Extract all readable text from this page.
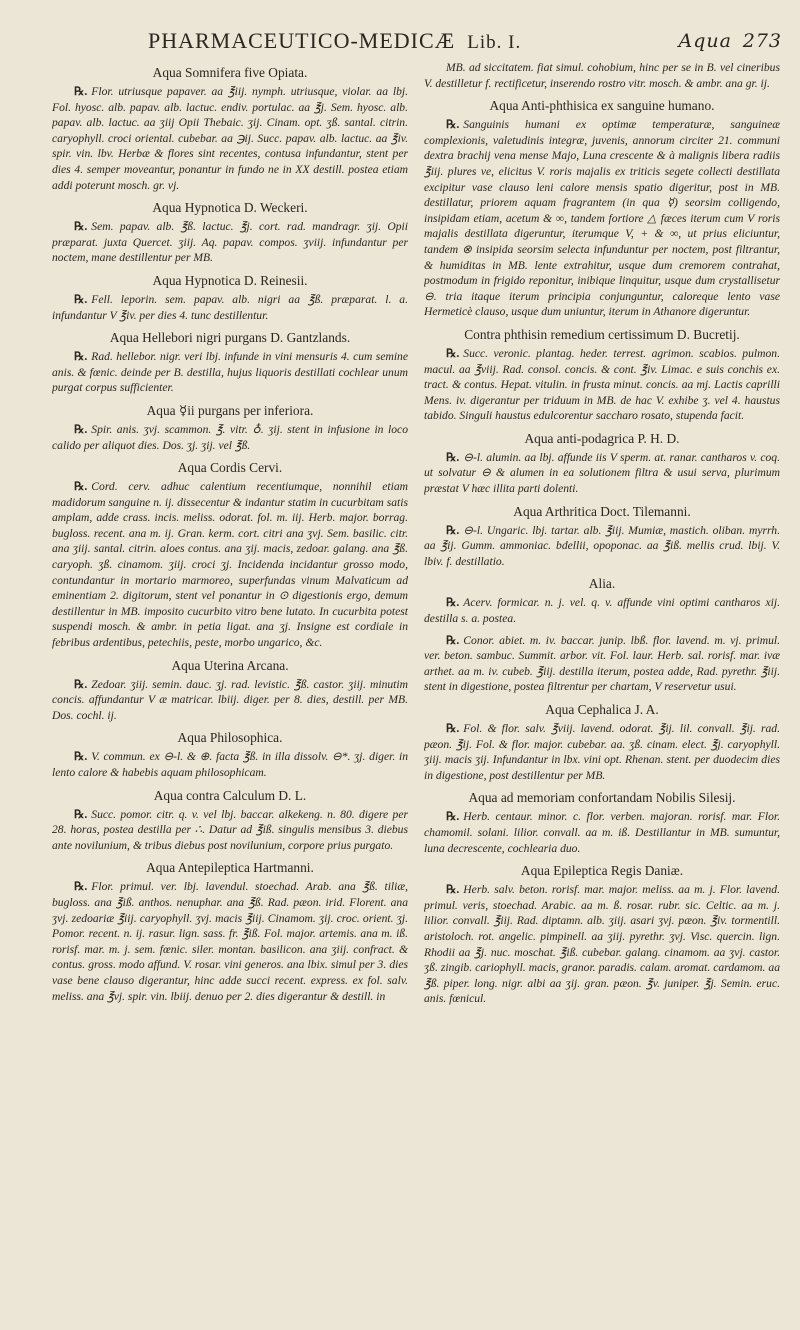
PHARMACEUTICO-MEDICÆ Lib. I.	Aqua 273
Aqua Somnifera five Opiata.

℞. Flor. utriusque papaver. aa ℥iij. nymph. utriusque, violar. aa lbj. Fol. hyosc. alb. papav. alb. lactuc. endiv. portulac. aa ℥j. Sem. hyosc. alb. papav. alb. lactuc. aa ʒiij Opii Thebaic. ʒij. Cinam. opt. ʒß. santal. citrin. caryophyll. croci oriental. cubebar. aa ℈ij. Succ. papav. alb. lactuc. aa ℥iv. spir. vin. lbv. Herbæ & flores sint recentes, contusa infundantur, stent per dies 4. semper moveantur, ponantur in fundo ne in XX destill. postea etiam addi poterunt mosch. gr. vj.

Aqua Hypnotica D. Weckeri.

℞. Sem. papav. alb. ℥ß. lactuc. ℥j. cort. rad. mandragr. ʒij. Opii præparat. juxta Quercet. ʒiij. Aq. papav. compos. ʒviij. infundantur per noctem, mane destillentur per MB.

Aqua Hypnotica D. Reinesii.

℞. Fell. leporin. sem. papav. alb. nigri aa ℥ß. præparat. l. a. infundantur V ℥iv. per dies 4. tunc destillentur.

Aqua Hellebori nigri purgans D. Gantzlands.

℞. Rad. hellebor. nigr. veri lbj. infunde in vini mensuris 4. cum semine anis. & fœnic. deinde per B. destilla, hujus liquoris destillati cochlear unum purgat corpus sufficienter.

Aqua ☿ii purgans per inferiora.

℞. Spir. anis. ʒvj. scammon. ℥. vitr. ♁. ʒij. stent in infusione in loco calido per aliquot dies. Dos. ʒj. ʒij. vel ℥ß.

Aqua Cordis Cervi.

℞. Cord. cerv. adhuc calentium recentiumque, nonnihil etiam madidorum sanguine n. ij. dissecentur & indantur statim in cucurbitam satis amplam, adde crass. incis. meliss. odorat. fol. m. iij. Herb. major. borrag. bugloss. recent. ana m. ij. Gran. kerm. cort. citri ana ʒvj. Sem. basilic. citr. ana ʒiij. santal. citrin. aloes contus. ana ʒij. macis, zedoar. galang. ana ℥ß. caryoph. ʒß. cinamom. ʒiij. croci ʒj. Incidenda incidantur grosso modo, contundantur in mortario marmoreo, superfundas vinum Malvaticum ad eminentiam 2. digitorum, stent vel ponantur in ⊙ digestionis ergo, demum destillentur in MB. imposito cucurbito vitro bene lutato. In cucurbita potest suspendi mosch. & ambr. in petia ligat. ana ʒj. Insigne est cordiale in febribus ardentibus, petechiis, peste, morbo ungarico, &c.

Aqua Uterina Arcana.

℞. Zedoar. ʒiij. semin. dauc. ʒj. rad. levistic. ℥ß. castor. ʒiij. minutim concis. affundantur V æ matricar. lbiij. diger. per 8. dies, destill. per MB. Dos. cochl. ij.

Aqua Philosophica.

℞. V. commun. ex ⊖-l. & ⊕. facta ℥ß. in illa dissolv. ⊖*. ʒj. diger. in lento calore & habebis aquam philosophicam.

Aqua contra Calculum D. L.

℞. Succ. pomor. citr. q. v. vel lbj. baccar. alkekeng. n. 80. digere per 28. horas, postea destilla per ∴. Datur ad ℥iß. singulis mensibus 3. diebus ante novilunium, & tribus diebus post novilunium, corpore prius purgato.

Aqua Antepileptica Hartmanni.

℞. Flor. primul. ver. lbj. lavendul. stoechad. Arab. ana ℥ß. tiliæ, bugloss. ana ℥iß. anthos. nenuphar. ana ℥ß. Rad. pæon. irid. Florent. ana ʒvj. zedoariæ ℥iij. caryophyll. ʒvj. macis ℥iij. Cinamom. ʒij. croc. orient. ʒj. Pomor. recent. n. ij. rasur. lign. sass. fr. ℥iß. Fol. major. artemis. ana m. iß. rorisf. mar. m. j. sem. fœnic. siler. montan. basilicon. ana ʒiij. confract. & contus. gross. modo affund. V. rosar. vini generos. ana lbix. simul per 3. dies vase bene clauso digerantur, hinc adde succi recent. express. ex fol. salv. meliss. ana ℥vj. spir. vin. lbiij. denuo per 2. dies digerantur & destill. in

MB. ad siccitatem. fiat simul. cohobium, hinc per se in B. vel cineribus V. destilletur f. rectificetur, inserendo rostro vitr. mosch. & ambr. ana gr. ij.

Aqua Anti-phthisica ex sanguine humano.

℞. Sanguinis humani ex optimæ temperaturæ, sanguineæ complexionis, valetudinis integræ, juvenis, annorum circiter 21. communi dextra brachij vena mense Majo, Luna crescente & à malignis libera radiis ℥iij. plures ve, elicitus V. roris majalis ex triticis segete collecti destillata excipitur vase clauso leni calore mensis spatio digeritur, post in MB. destillatur, priorem aquam fragrantem (in qua ☿) seorsim colligendo, insipidam etiam, acetum & ∞, tandem fortiore △ fæces iterum cum V roris majalis destillata digeruntur, iterumque V, + & ∞, ut prius eliciuntur, tandem ⊗ insipida seorsim selecta infunduntur per noctem, post filtrantur, & humiditas in MB. lente extrahitur, usque dum cremorem contrahat, postmodum in frigido reponitur, inibique linquitur, usque dum crystallisetur ⊖. tria itaque iterum principia conjunguntur, caloreque lento vase Hermeticè clauso, usque dum uniuntur, iterum in Athanore digeruntur.

Contra phthisin remedium certissimum D. Bucretij.

℞. Succ. veronic. plantag. heder. terrest. agrimon. scabios. pulmon. macul. aa ℥viij. Rad. consol. concis. & cont. ℥iv. Limac. e suis conchis ex. tract. & contus. Hepat. vitulin. in frusta minut. concis. aa mj. Lactis caprilli Mens. iv. digerantur per triduum in MB. de hac V. exhibe ʒ. vel 4. haustus tabido. Singuli haustus edulcorentur saccharo rosato, stupenda facit.

Aqua anti-podagrica P. H. D.

℞. ⊖-l. alumin. aa lbj. affunde iis V sperm. at. ranar. cantharos v. coq. ut solvatur ⊖ & alumen in ea solutionem filtra & usui serva, plurimum præstat V hæc illita parti dolenti.

Aqua Arthritica Doct. Tilemanni.

℞. ⊖-l. Ungaric. lbj. tartar. alb. ℥iij. Mumiæ, mastich. oliban. myrrh. aa ℥ij. Gumm. ammoniac. bdellii, opoponac. aa ℥iß. mellis crud. lbij. V. lbiv. f. destillatio.

Alia.

℞. Acerv. formicar. n. j. vel. q. v. affunde vini optimi cantharos xij. destilla s. a. postea.

℞. Conor. abiet. m. iv. baccar. junip. lbß. flor. lavend. m. vj. primul. ver. beton. sambuc. Summit. arbor. vit. Fol. laur. Herb. sal. rorisf. mar. ivæ arthet. aa m. iv. cubeb. ℥iij. destilla iterum, postea adde, Rad. pyrethr. ℥iij. stent in digestione, postea filtrentur per chartam, V reservetur usui.

Aqua Cephalica J. A.

℞. Fol. & flor. salv. ℥viij. lavend. odorat. ℥ij. lil. convall. ℥ij. rad. pæon. ℥ij. Fol. & flor. major. cubebar. aa. ʒß. cinam. elect. ℥j. caryophyll. ʒiij. macis ʒij. Infundantur in lbx. vini opt. Rhenan. stent. per duodecim dies in digestione, post destillentur per MB.

Aqua ad memoriam confortandam Nobilis Silesij.

℞. Herb. centaur. minor. c. flor. verben. majoran. rorisf. mar. Flor. chamomil. solani. lilior. convall. aa m. iß. Destillantur in MB. sumuntur, luna decrescente, cochlearia duo.

Aqua Epileptica Regis Daniæ.

℞. Herb. salv. beton. rorisf. mar. major. meliss. aa m. j. Flor. lavend. primul. veris, stoechad. Arabic. aa m. ß. rosar. rubr. sic. Celtic. aa m. j. lilior. convall. ℥iij. Rad. diptamn. alb. ʒiij. asari ʒvj. pæon. ℥iv. tormentill. aristoloch. rot. angelic. pimpinell. aa ʒiij. pyrethr. ʒvj. Visc. quercin. lign. Rhodii aa ℥j. nuc. moschat. ℥iß. cubebar. galang. cinamom. aa ʒvj. castor. ʒß. zingib. cariophyll. macis, granor. paradis. calam. aromat. cardamom. aa ℥ß. piper. long. nigr. albi aa ʒij. gran. pæon. ℥v. juniper. ℥j. Semin. eruc. anis. fœnicul.
